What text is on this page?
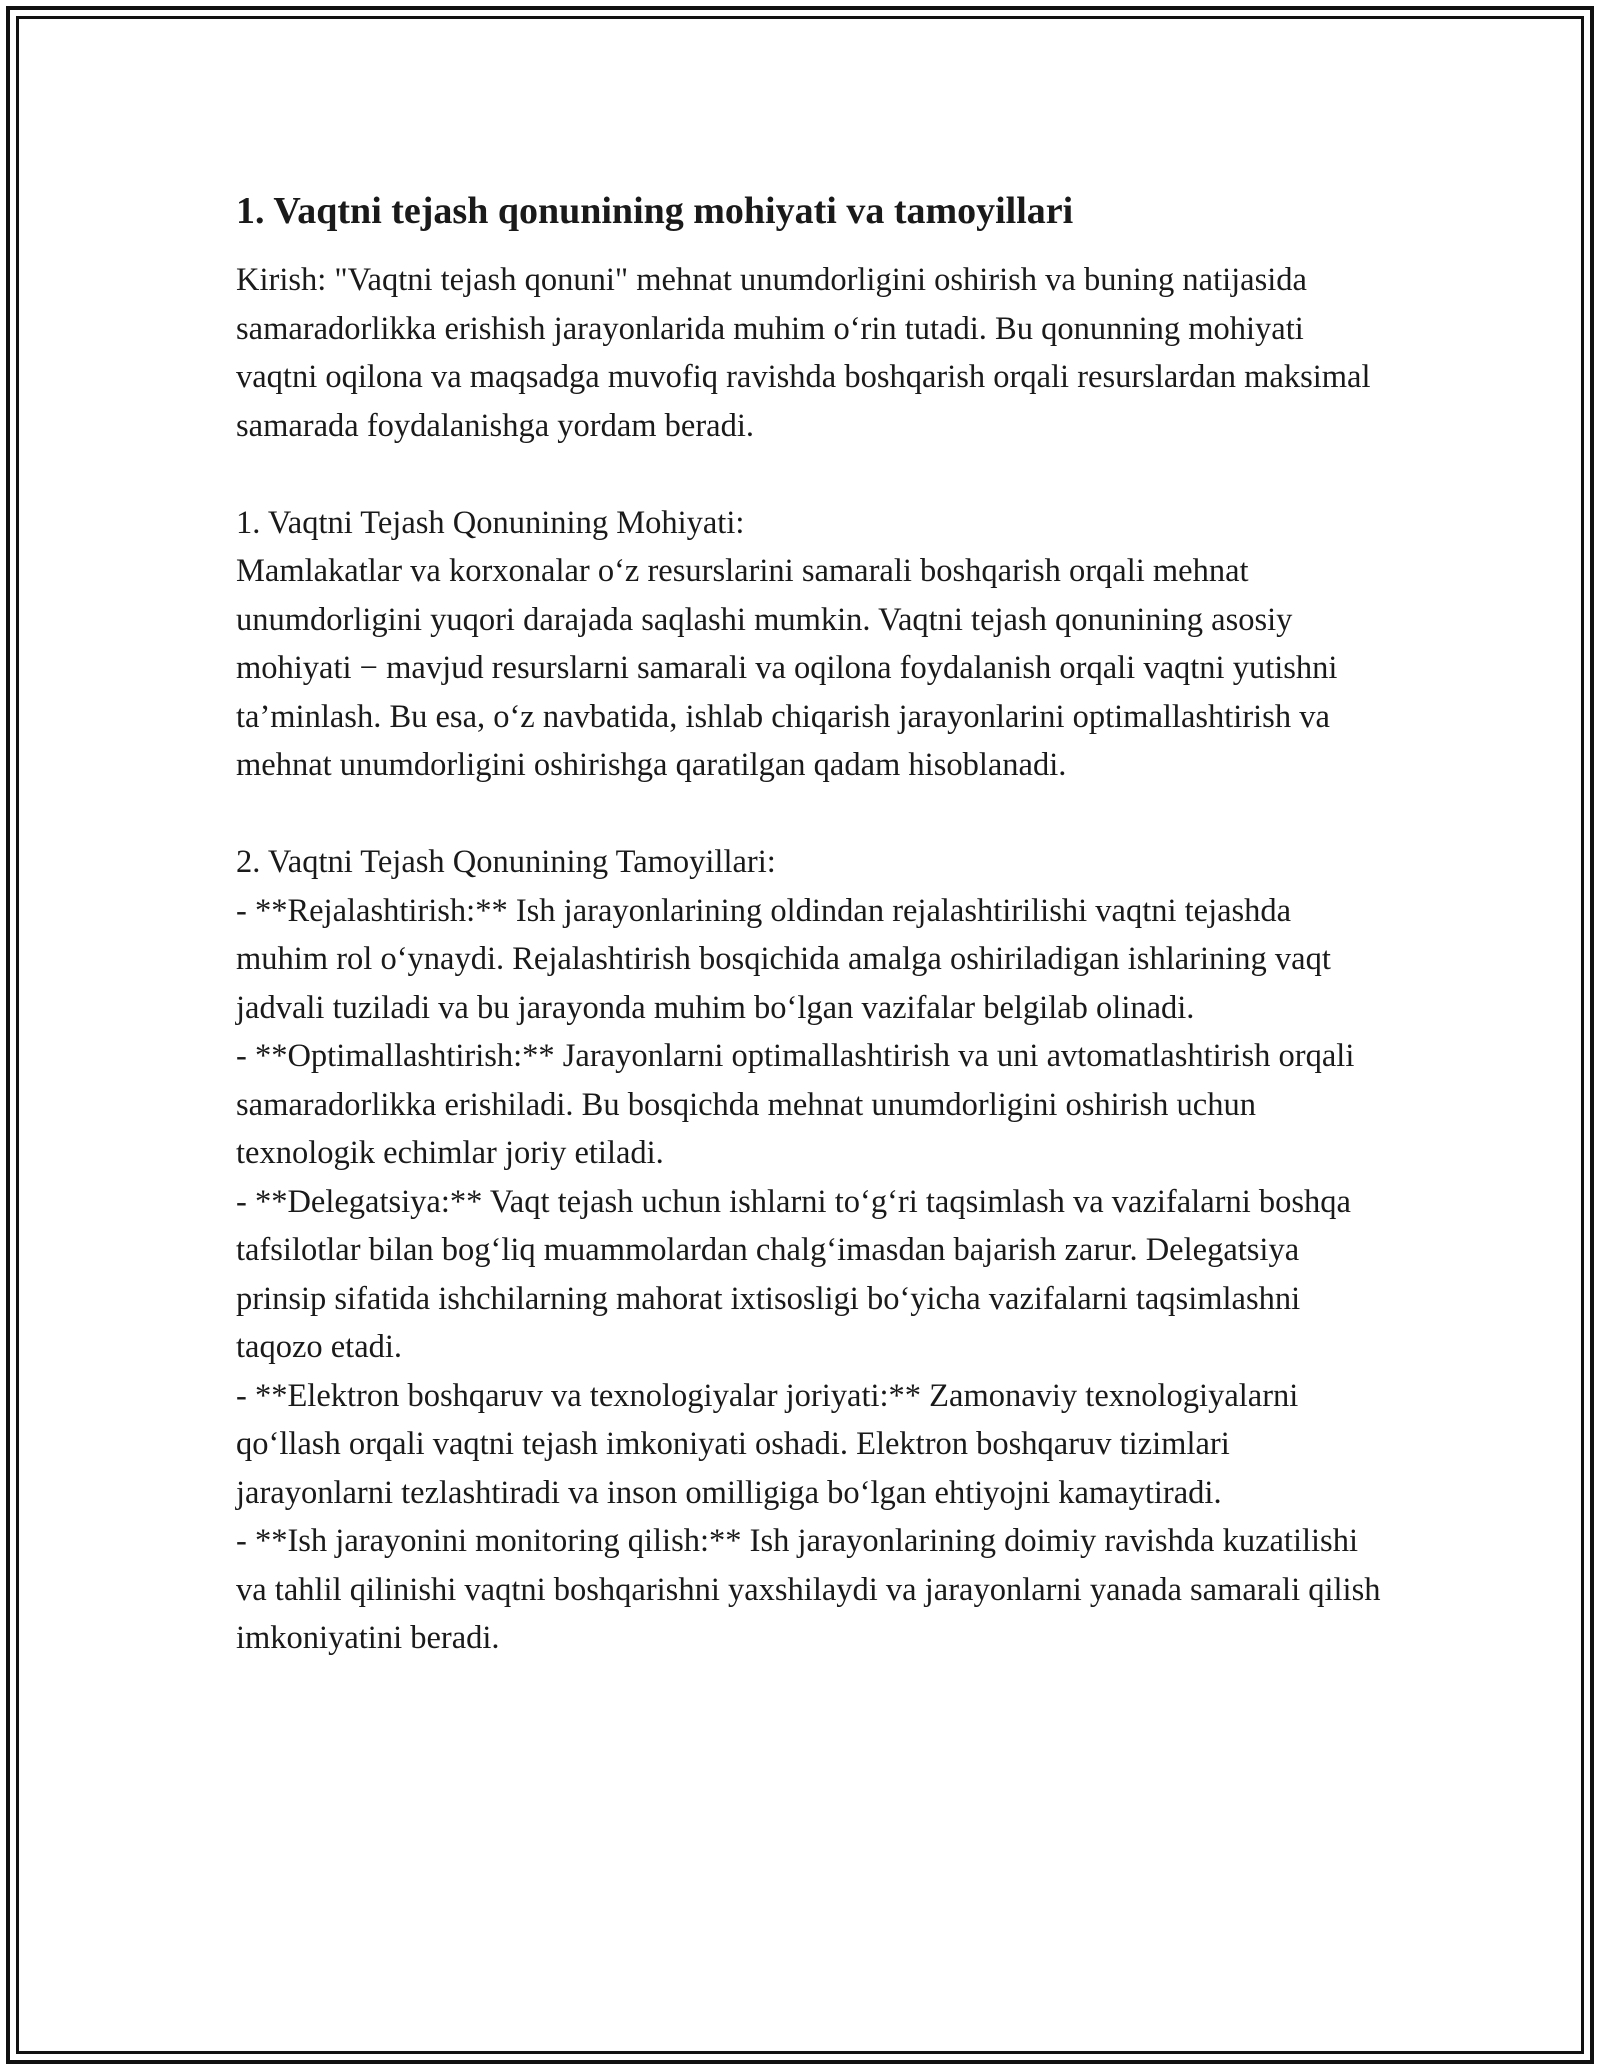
1. Vaqtni tejash qonunining mohiyati va tamoyillari

Kirish: "Vaqtni tejash qonuni" mehnat unumdorligini oshirish va buning natijasida samaradorlikka erishish jarayonlarida muhim o‘rin tutadi. Bu qonunning mohiyati vaqtni oqilona va maqsadga muvofiq ravishda boshqarish orqali resurslardan maksimal samarada foydalanishga yordam beradi.

1. Vaqtni Tejash Qonunining Mohiyati:

Mamlakatlar va korxonalar o‘z resurslarini samarali boshqarish orqali mehnat unumdorligini yuqori darajada saqlashi mumkin. Vaqtni tejash qonunining asosiy mohiyati − mavjud resurslarni samarali va oqilona foydalanish orqali vaqtni yutishni ta’minlash. Bu esa, o‘z navbatida, ishlab chiqarish jarayonlarini optimallashtirish va mehnat unumdorligini oshirishga qaratilgan qadam hisoblanadi.

2. Vaqtni Tejash Qonunining Tamoyillari:

- **Rejalashtirish:** Ish jarayonlarining oldindan rejalashtirilishi vaqtni tejashda muhim rol o‘ynaydi. Rejalashtirish bosqichida amalga oshiriladigan ishlarining vaqt jadvali tuziladi va bu jarayonda muhim bo‘lgan vazifalar belgilab olinadi.

- **Optimallashtirish:** Jarayonlarni optimallashtirish va uni avtomatlashtirish orqali samaradorlikka erishiladi. Bu bosqichda mehnat unumdorligini oshirish uchun texnologik echimlar joriy etiladi.

- **Delegatsiya:** Vaqt tejash uchun ishlarni to‘g‘ri taqsimlash va vazifalarni boshqa tafsilotlar bilan bog‘liq muammolardan chalg‘imasdan bajarish zarur. Delegatsiya prinsip sifatida ishchilarning mahorat ixtisosligi bo‘yicha vazifalarni taqsimlashni taqozo etadi.

- **Elektron boshqaruv va texnologiyalar joriyati:** Zamonaviy texnologiyalarni qo‘llash orqali vaqtni tejash imkoniyati oshadi. Elektron boshqaruv tizimlari jarayonlarni tezlashtiradi va inson omilligiga bo‘lgan ehtiyojni kamaytiradi.

- **Ish jarayonini monitoring qilish:** Ish jarayonlarining doimiy ravishda kuzatilishi va tahlil qilinishi vaqtni boshqarishni yaxshilaydi va jarayonlarni yanada samarali qilish imkoniyatini beradi.
